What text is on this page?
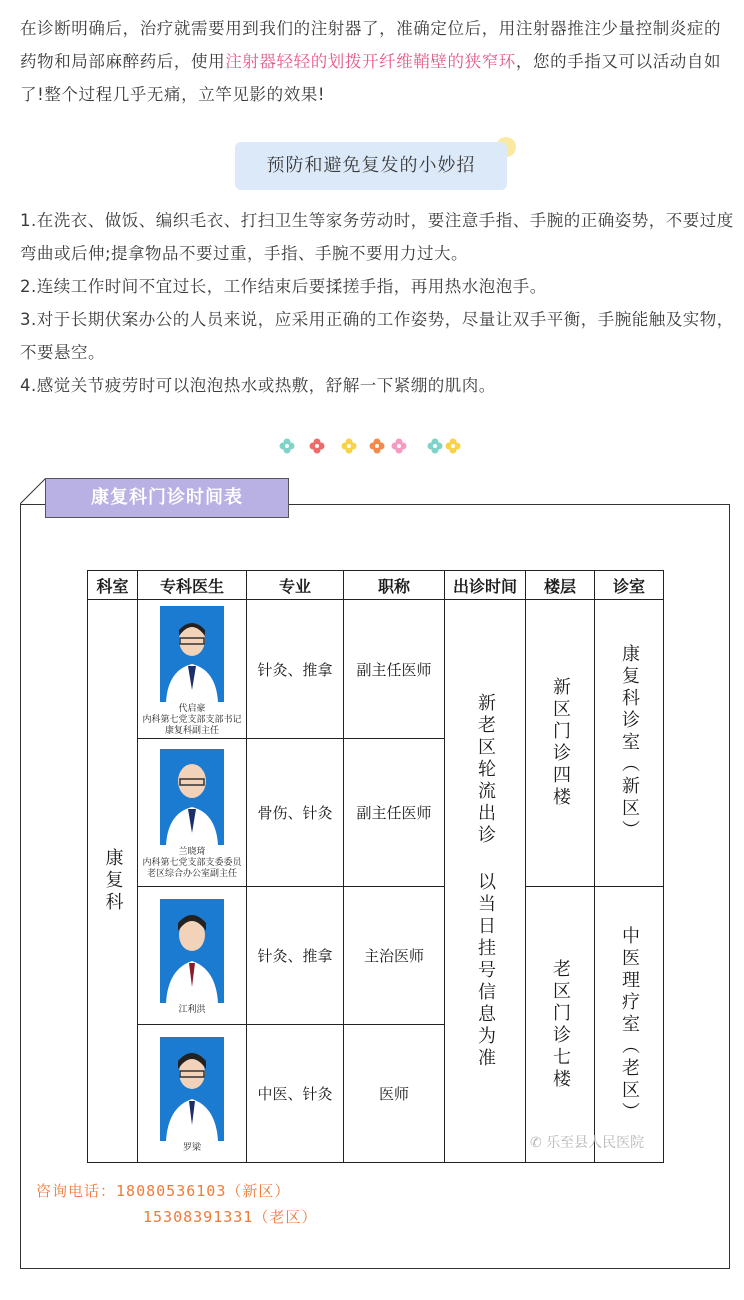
在诊断明确后，治疗就需要用到我们的注射器了，准确定位后，用注射器推注少量控制炎症的药物和局部麻醉药后，使用注射器轻轻的划拨开纤维鞘壁的狭窄环，您的手指又可以活动自如了!整个过程几乎无痛，立竿见影的效果!
预防和避免复发的小妙招
1.在洗衣、做饭、编织毛衣、打扫卫生等家务劳动时，要注意手指、手腕的正确姿势，不要过度弯曲或后伸;提拿物品不要过重，手指、手腕不要用力过大。
2.连续工作时间不宜过长，工作结束后要揉搓手指，再用热水泡泡手。
3.对于长期伏案办公的人员来说，应采用正确的工作姿势，尽量让双手平衡，手腕能触及实物，不要悬空。
4.感觉关节疲劳时可以泡泡热水或热敷，舒解一下紧绷的肌肉。
康复科门诊时间表
科室	专科医生	专业	职称	出诊时间	楼层	诊室

康复科	代启豪
内科第七党支部支部书记
康复科副主任	针灸、推拿	副主任医师	新老区轮流出诊 以当日挂号信息为准	新区门诊四楼	康复科诊室（新区）

	兰晓琦
内科第七党支部支委委员
老区综合办公室副主任	骨伤、针灸	副主任医师			

	江利洪	针灸、推拿	主治医师		老区门诊七楼	中医理疗室（老区）

	罗梁	中医、针灸	医师			
✆ 乐至县人民医院
咨询电话：18080536103（新区）
15308391331（老区）
